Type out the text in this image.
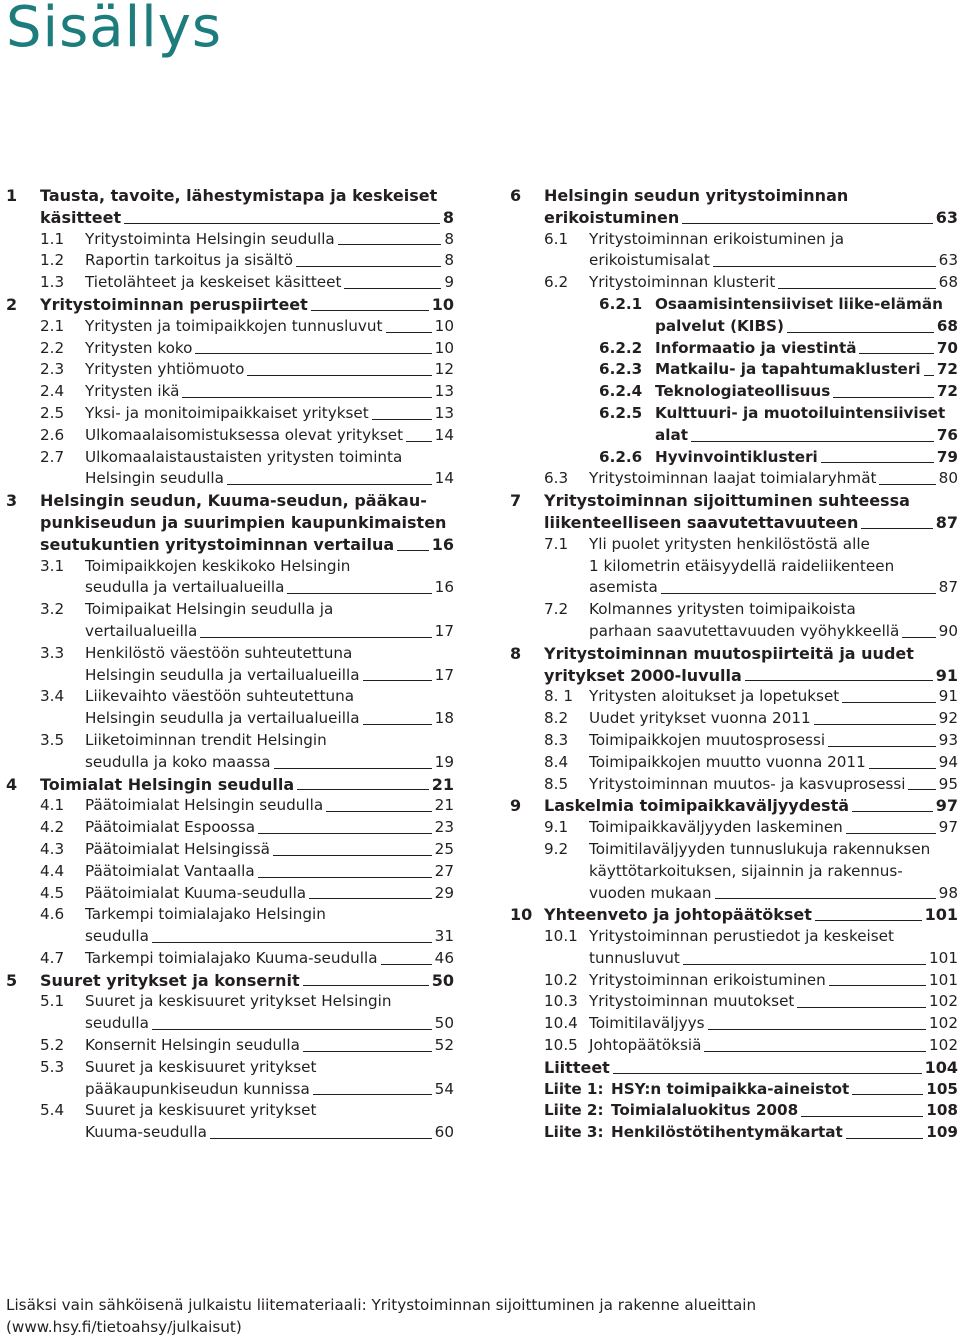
Sisällys
1 Tausta, tavoite, lähestymistapa ja keskeiset
käsitteet	8
1.1 Yritystoiminta Helsingin seudulla	8
1.2 Raportin tarkoitus ja sisältö	8
1.3 Tietolähteet ja keskeiset käsitteet	9
2 Yritystoiminnan peruspiirteet	10
2.1 Yritysten ja toimipaikkojen tunnusluvut	10
2.2 Yritysten koko	10
2.3 Yritysten yhtiömuoto	12
2.4 Yritysten ikä	13
2.5 Yksi- ja monitoimipaikkaiset yritykset	13
2.6 Ulkomaalaisomistuksessa olevat yritykset 14
2.7 Ulkomaalaistaustaisten yritysten toiminta
Helsingin seudulla	14
3 Helsingin seudun, Kuuma-seudun, pääkau-
punkiseudun ja suurimpien kaupunkimaisten
seutukuntien yritystoiminnan vertailua 16
3.1 Toimipaikkojen keskikoko Helsingin
seudulla ja vertailualueilla	16
3.2 Toimipaikat Helsingin seudulla ja
vertailualueilla	17
3.3 Henkilöstö väestöön suhteutettuna
Helsingin seudulla ja vertailualueilla	17
3.4 Liikevaihto väestöön suhteutettuna
Helsingin seudulla ja vertailualueilla	18
3.5 Liiketoiminnan trendit Helsingin
seudulla ja koko maassa	19
4 Toimialat Helsingin seudulla	21
4.1 Päätoimialat Helsingin seudulla	21
4.2 Päätoimialat Espoossa	23
4.3 Päätoimialat Helsingissä	25
4.4 Päätoimialat Vantaalla	27
4.5 Päätoimialat Kuuma-seudulla	29
4.6 Tarkempi toimialajako Helsingin
seudulla	31
4.7 Tarkempi toimialajako Kuuma-seudulla	46
5 Suuret yritykset ja konsernit	50
5.1 Suuret ja keskisuuret yritykset Helsingin
seudulla	50
5.2 Konsernit Helsingin seudulla	52
5.3 Suuret ja keskisuuret yritykset
pääkaupunkiseudun kunnissa	54
5.4 Suuret ja keskisuuret yritykset
Kuuma-seudulla	60
6 Helsingin seudun yritystoiminnan
erikoistuminen	63
6.1 Yritystoiminnan erikoistuminen ja
erikoistumisalat	63
6.2 Yritystoiminnan klusterit	68
6.2.1 Osaamisintensiiviset liike-elämän
palvelut (KIBS)	68
6.2.2 Informaatio ja viestintä	70
6.2.3 Matkailu- ja tapahtumaklusteri 72
6.2.4 Teknologiateollisuus	72
6.2.5 Kulttuuri- ja muotoiluintensiiviset
alat	76
6.2.6 Hyvinvointiklusteri	79
6.3 Yritystoiminnan laajat toimialaryhmät	80
7 Yritystoiminnan sijoittuminen suhteessa
liikenteelliseen saavutettavuuteen	87
7.1 Yli puolet yritysten henkilöstöstä alle
1 kilometrin etäisyydellä raideliikenteen
asemista	87
7.2 Kolmannes yritysten toimipaikoista
parhaan saavutettavuuden vyöhykkeellä	90
8 Yritystoiminnan muutospiirteitä ja uudet
yritykset 2000-luvulla	91
8. 1 Yritysten aloitukset ja lopetukset	91
8.2 Uudet yritykset vuonna 2011	92
8.3 Toimipaikkojen muutosprosessi	93
8.4 Toimipaikkojen muutto vuonna 2011	94
8.5 Yritystoiminnan muutos- ja kasvuprosessi 95
9 Laskelmia toimipaikkaväljyydestä	97
9.1 Toimipaikkaväljyyden laskeminen	97
9.2 Toimitilaväljyyden tunnuslukuja rakennuksen
käyttötarkoituksen, sijainnin ja rakennus-
vuoden mukaan	98
10 Yhteenveto ja johtopäätökset	101
10.1 Yritystoiminnan perustiedot ja keskeiset
tunnusluvut	101
10.2 Yritystoiminnan erikoistuminen	101
10.3 Yritystoiminnan muutokset	102
10.4 Toimitilaväljyys	102
10.5 Johtopäätöksiä	102
Liitteet	104
Liite 1: HSY:n toimipaikka-aineistot	105
Liite 2: Toimialaluokitus 2008	108
Liite 3: Henkilöstötihentymäkartat	109
Lisäksi vain sähköisenä julkaistu liitemateriaali: Yritystoiminnan sijoittuminen ja rakenne alueittain
(www.hsy.fi/tietoahsy/julkaisut)
